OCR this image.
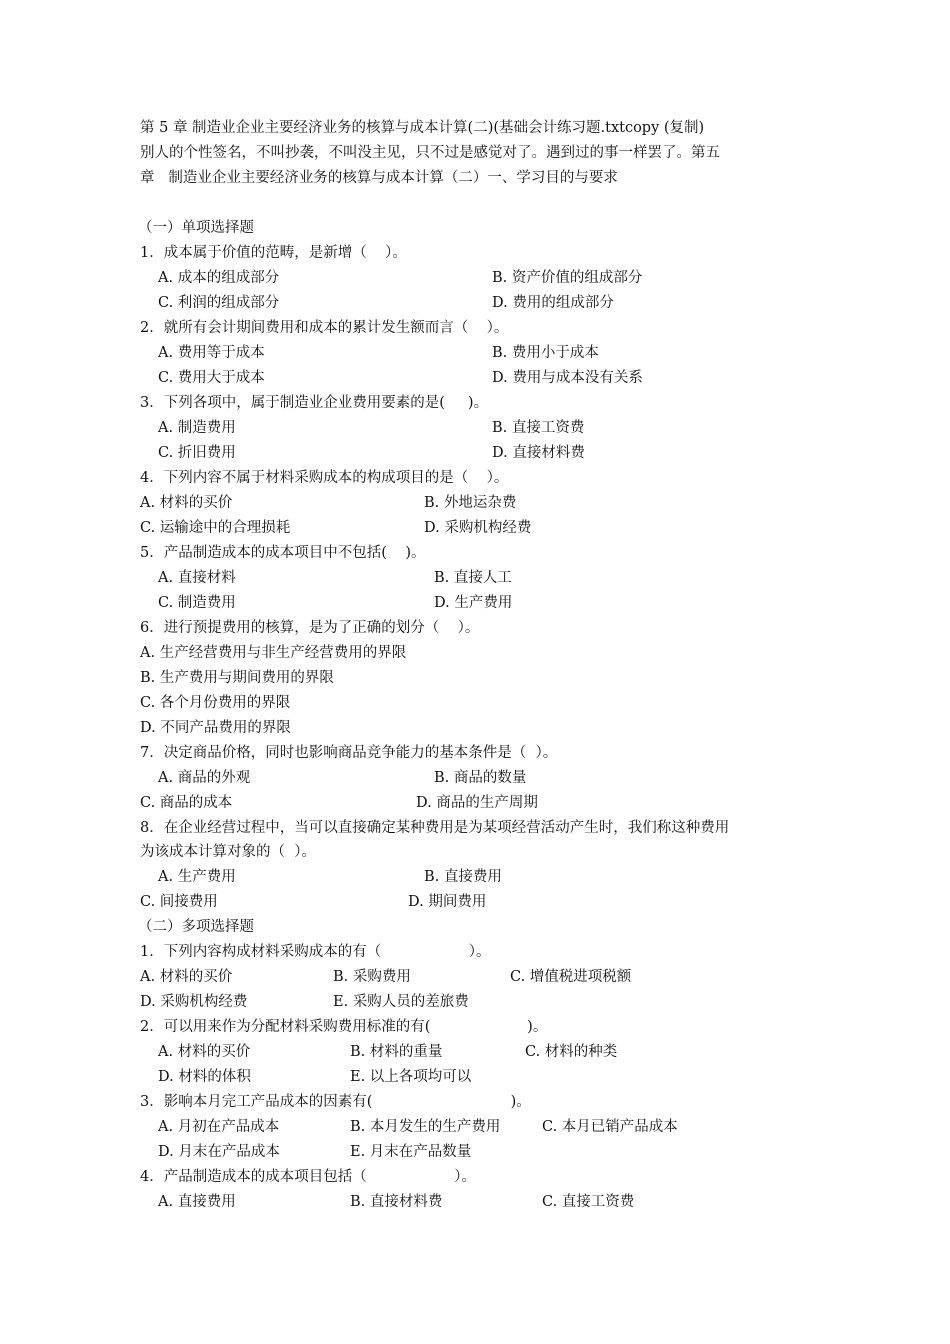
第 5 章 制造业企业主要经济业务的核算与成本计算(二)(基础会计练习题.txtcopy (复制)
别人的个性签名，不叫抄袭，不叫没主见，只不过是感觉对了。遇到过的事一样罢了。第五
章   制造业企业主要经济业务的核算与成本计算（二）一、学习目的与要求
（一）单项选择题
1．成本属于价值的范畴，是新增（    ）。
A. 成本的组成部分	B. 资产价值的组成部分
C. 利润的组成部分	D. 费用的组成部分
2．就所有会计期间费用和成本的累计发生额而言（    ）。
A. 费用等于成本	B. 费用小于成本
C. 费用大于成本	D. 费用与成本没有关系
3．下列各项中，属于制造业企业费用要素的是(     )。
A. 制造费用	B. 直接工资费
C. 折旧费用	D. 直接材料费
4．下列内容不属于材料采购成本的构成项目的是（    ）。
A. 材料的买价	B. 外地运杂费
C. 运输途中的合理损耗	D. 采购机构经费
5．产品制造成本的成本项目中不包括(    )。
A. 直接材料	B. 直接人工
C. 制造费用	D. 生产费用
6．进行预提费用的核算，是为了正确的划分（    ）。
A. 生产经营费用与非生产经营费用的界限
B. 生产费用与期间费用的界限
C. 各个月份费用的界限
D. 不同产品费用的界限
7．决定商品价格，同时也影响商品竞争能力的基本条件是（  ）。
A. 商品的外观	B. 商品的数量
C. 商品的成本	D. 商品的生产周期
8．在企业经营过程中，当可以直接确定某种费用是为某项经营活动产生时，我们称这种费用
为该成本计算对象的（  ）。
A. 生产费用	B. 直接费用
C. 间接费用	D. 期间费用
（二）多项选择题
1．下列内容构成材料采购成本的有（                   ）。
A. 材料的买价	B. 采购费用	C. 增值税进项税额
D. 采购机构经费	E. 采购人员的差旅费
2．可以用来作为分配材料采购费用标准的有(                     )。
A. 材料的买价	B. 材料的重量	C. 材料的种类
D. 材料的体积	E. 以上各项均可以
3．影响本月完工产品成本的因素有(                              )。
A. 月初在产品成本	B. 本月发生的生产费用	C. 本月已销产品成本
D. 月末在产品成本	E. 月末在产品数量
4．产品制造成本的成本项目包括（                   ）。
A. 直接费用	B. 直接材料费	C. 直接工资费
